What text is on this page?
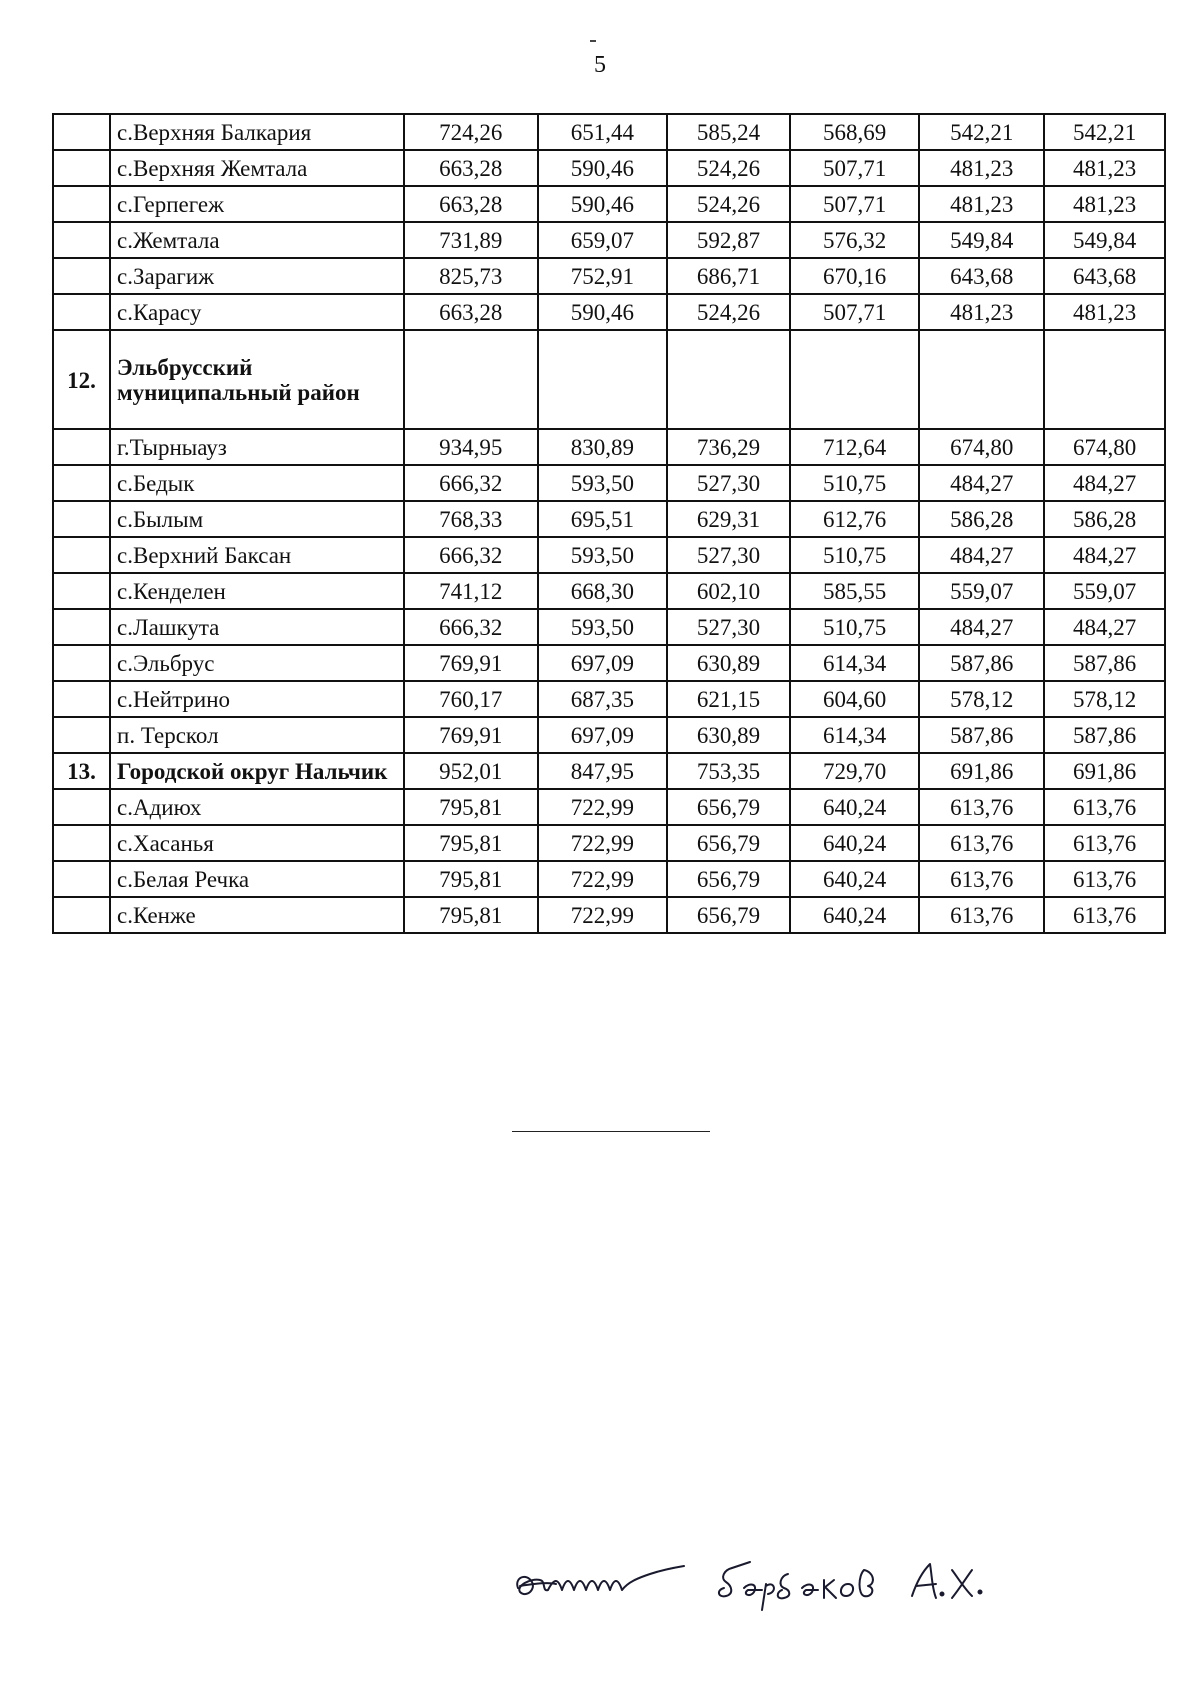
5
	с.Верхняя Балкария	724,26	651,44	585,24	568,69	542,21	542,21
	с.Верхняя Жемтала	663,28	590,46	524,26	507,71	481,23	481,23
	с.Герпегеж	663,28	590,46	524,26	507,71	481,23	481,23
	с.Жемтала	731,89	659,07	592,87	576,32	549,84	549,84
	с.Зарагиж	825,73	752,91	686,71	670,16	643,68	643,68
	с.Карасу	663,28	590,46	524,26	507,71	481,23	481,23
12.	Эльбрусский муниципальный район						
	г.Тырныауз	934,95	830,89	736,29	712,64	674,80	674,80
	с.Бедык	666,32	593,50	527,30	510,75	484,27	484,27
	с.Былым	768,33	695,51	629,31	612,76	586,28	586,28
	с.Верхний Баксан	666,32	593,50	527,30	510,75	484,27	484,27
	с.Кенделен	741,12	668,30	602,10	585,55	559,07	559,07
	с.Лашкута	666,32	593,50	527,30	510,75	484,27	484,27
	с.Эльбрус	769,91	697,09	630,89	614,34	587,86	587,86
	с.Нейтрино	760,17	687,35	621,15	604,60	578,12	578,12
	п. Терскол	769,91	697,09	630,89	614,34	587,86	587,86
13.	Городской округ Нальчик	952,01	847,95	753,35	729,70	691,86	691,86
	с.Адиюх	795,81	722,99	656,79	640,24	613,76	613,76
	с.Хасанья	795,81	722,99	656,79	640,24	613,76	613,76
	с.Белая Речка	795,81	722,99	656,79	640,24	613,76	613,76
	с.Кенже	795,81	722,99	656,79	640,24	613,76	613,76
